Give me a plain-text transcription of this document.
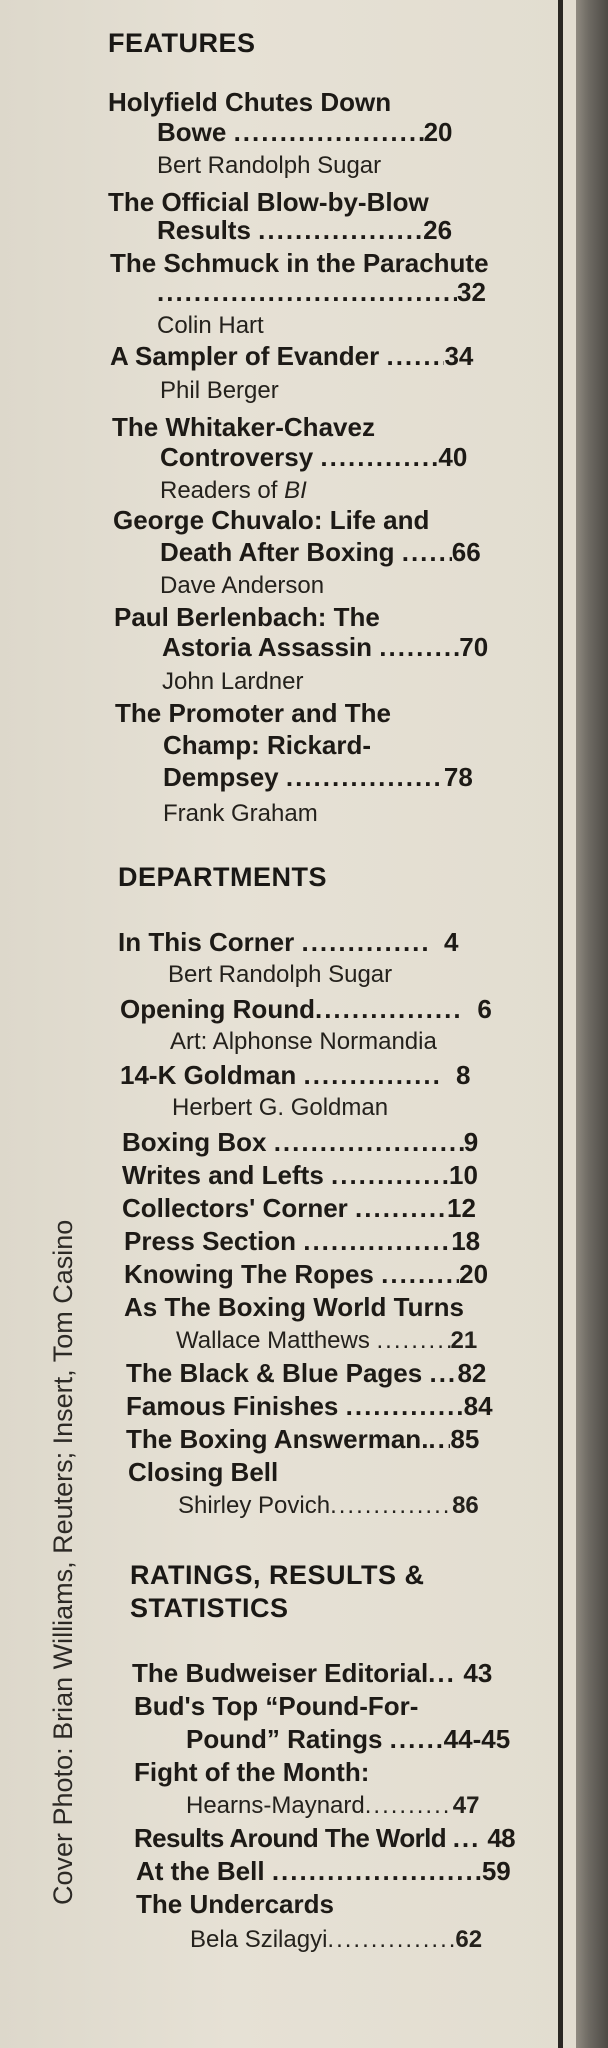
Cover Photo: Brian Williams, Reuters; Insert, Tom Casino
FEATURES
Holyfield Chutes Down
Bowe .....	20
Bert Randolph Sugar
The Official Blow-by-Blow
Results .....	26
The Schmuck in the Parachute
.....32
Colin Hart
A Sampler of Evander .....	34
Phil Berger
The Whitaker-Chavez
Controversy .....	40
Readers of BI
George Chuvalo: Life and
Death After Boxing ..... 66
Dave Anderson
Paul Berlenbach: The
Astoria Assassin .....	70
John Lardner
The Promoter and The
Champ: Rickard-
Dempsey .....	78
Frank Graham
DEPARTMENTS
In This Corner .....	4
Bert Randolph Sugar
Opening Round .....	6
Art: Alphonse Normandia
14-K Goldman .....	8
Herbert G. Goldman
Boxing Box .....	9
Writes and Lefts .....	10
Collectors' Corner .....	12
Press Section .....	18
Knowing The Ropes .....	20
As The Boxing World Turns
Wallace Matthews .....	21
The Black & Blue Pages ..... 82
Famous Finishes .....	84
The Boxing Answerman. ..... 85
Closing Bell
Shirley Povich .....	86
RATINGS, RESULTS &
STATISTICS
The Budweiser Editorial ..... 43
Bud's Top “Pound-For-
Pound” Ratings ..... 44-45
Fight of the Month:
Hearns-Maynard .....	47
Results Around The World ..... 48
At the Bell .....	59
The Undercards
Bela Szilagyi .....	62
